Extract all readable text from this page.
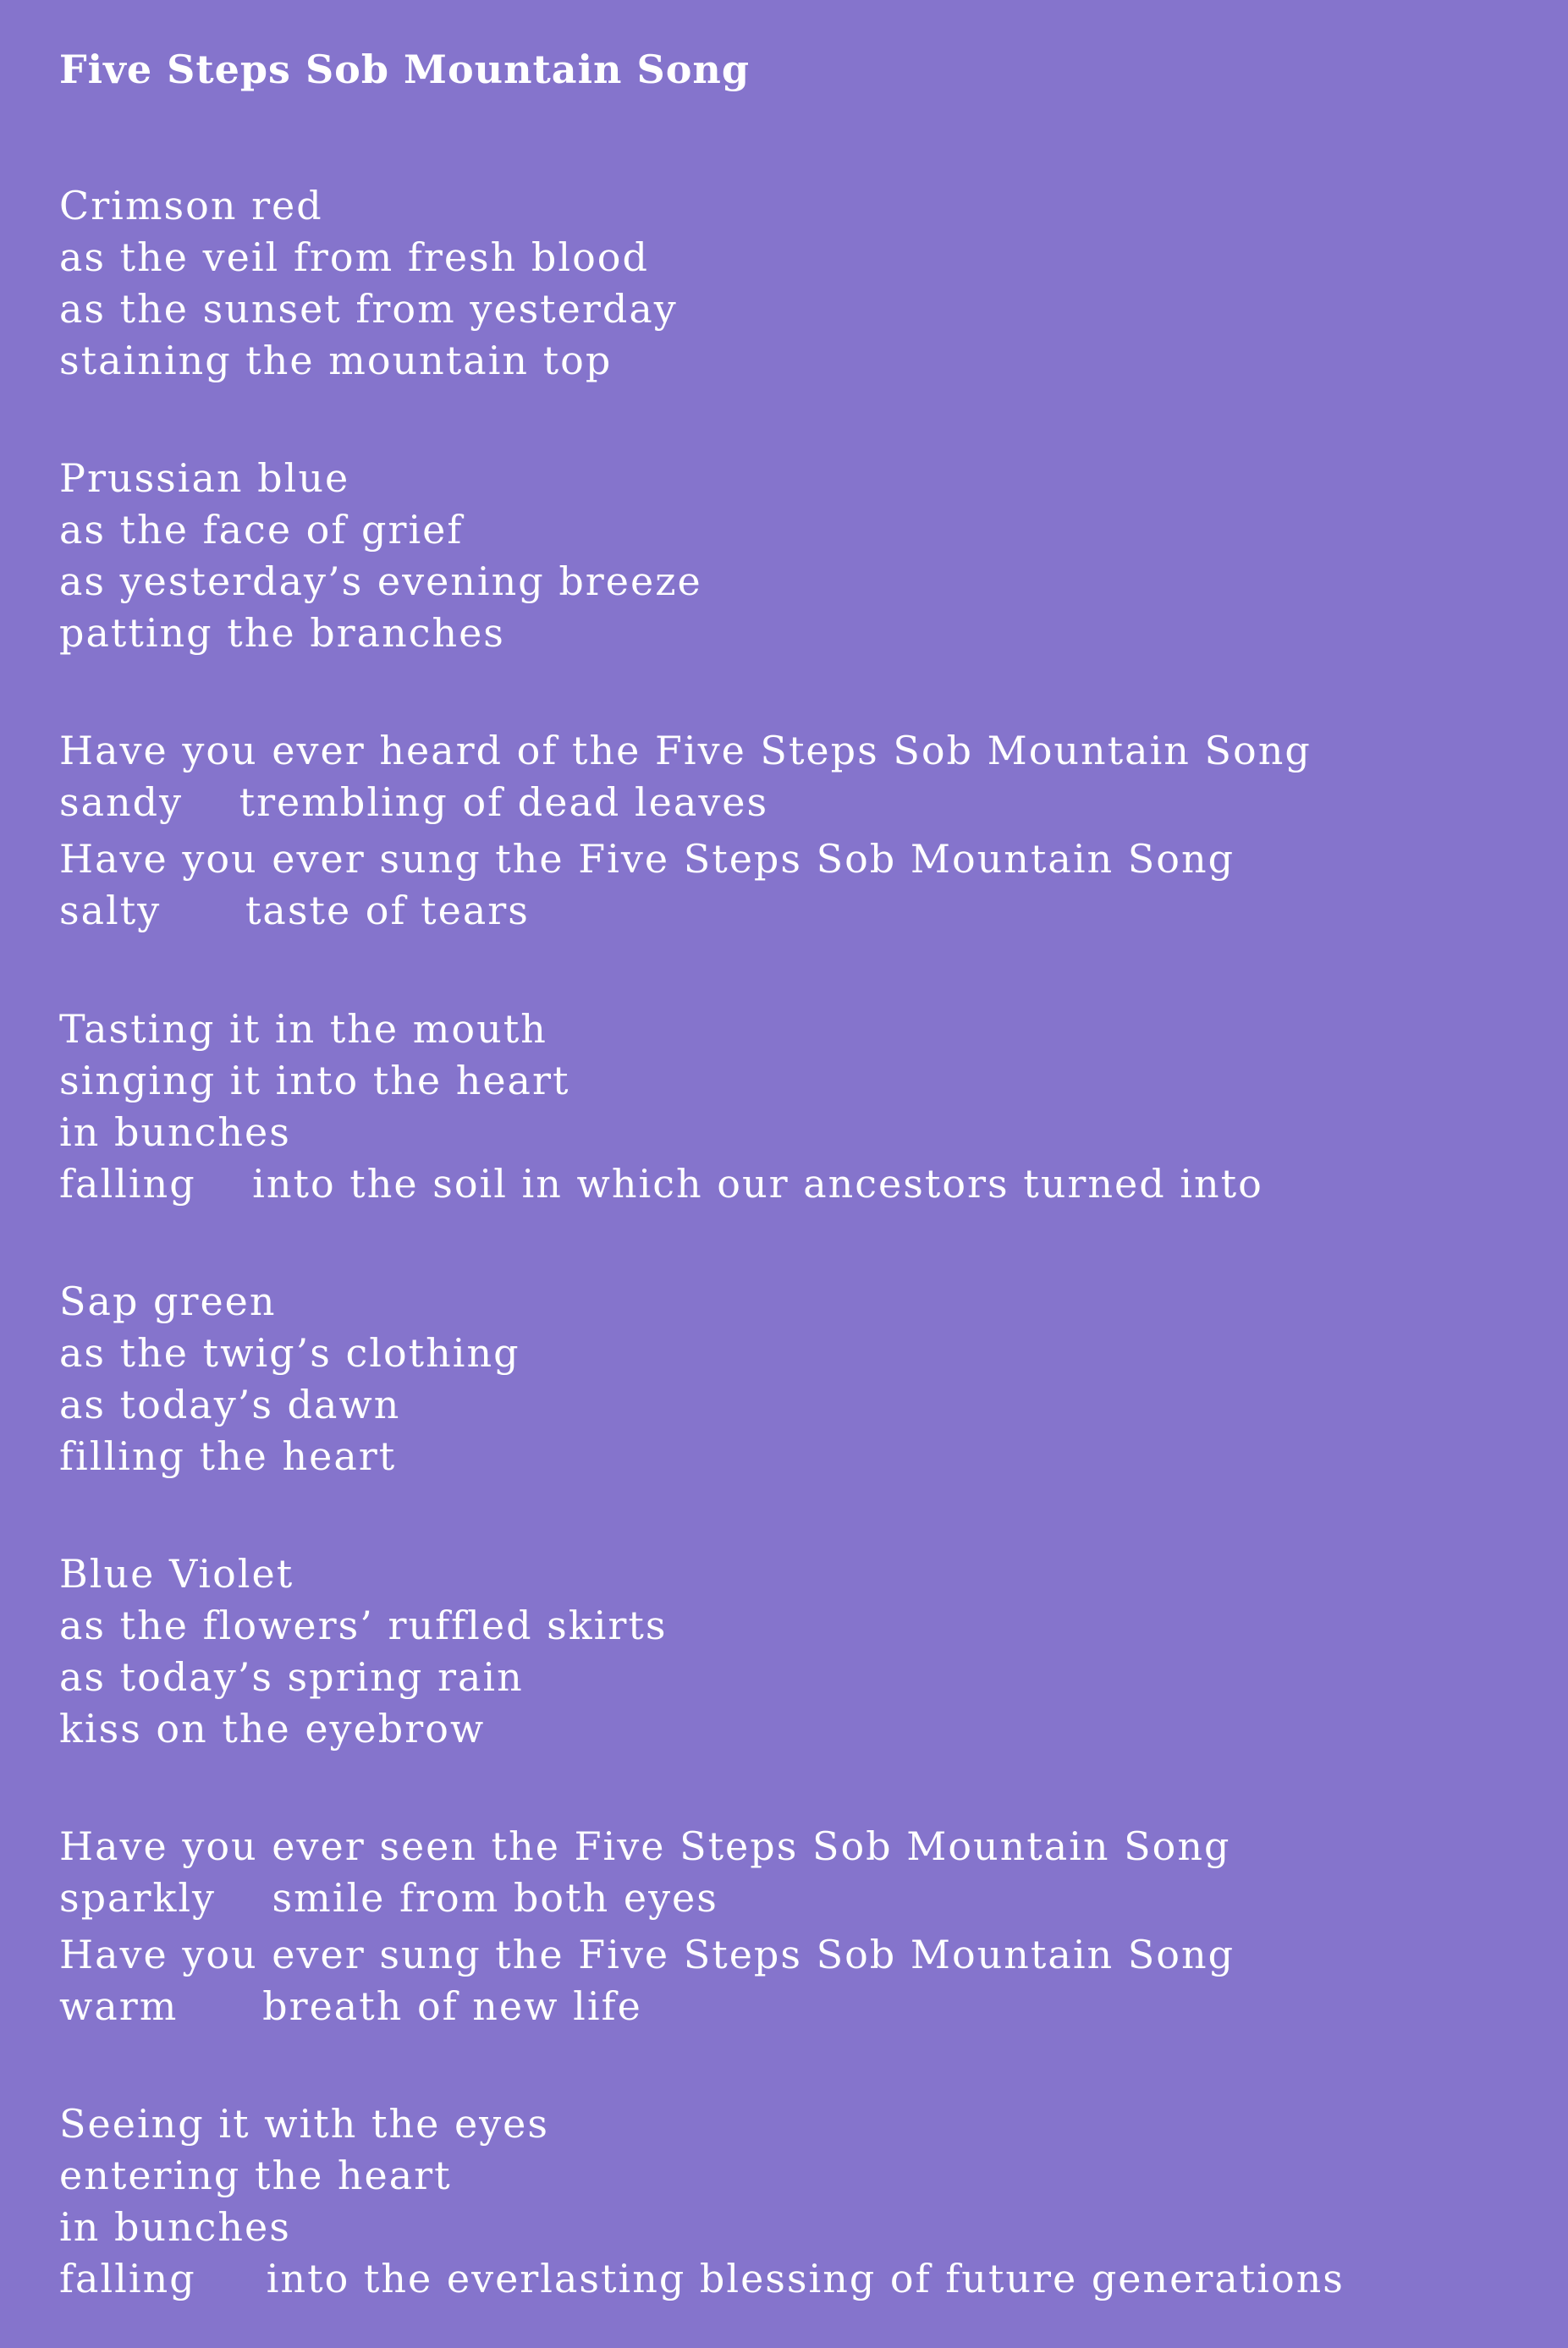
Five Steps Sob Mountain Song

Crimson red

as the veil from fresh blood

as the sunset from yesterday

staining the mountain top

Prussian blue

as the face of grief

as yesterday’s evening breeze

patting the branches

Have you ever heard of the Five Steps Sob Mountain Song

sandy    trembling of dead leaves

Have you ever sung the Five Steps Sob Mountain Song

salty      taste of tears

Tasting it in the mouth

singing it into the heart

in bunches

falling    into the soil in which our ancestors turned into

Sap green

as the twig’s clothing

as today’s dawn

filling the heart

Blue Violet

as the flowers’ ruffled skirts

as today’s spring rain

kiss on the eyebrow

Have you ever seen the Five Steps Sob Mountain Song

sparkly    smile from both eyes

Have you ever sung the Five Steps Sob Mountain Song

warm      breath of new life

Seeing it with the eyes

entering the heart

in bunches

falling     into the everlasting blessing of future generations
